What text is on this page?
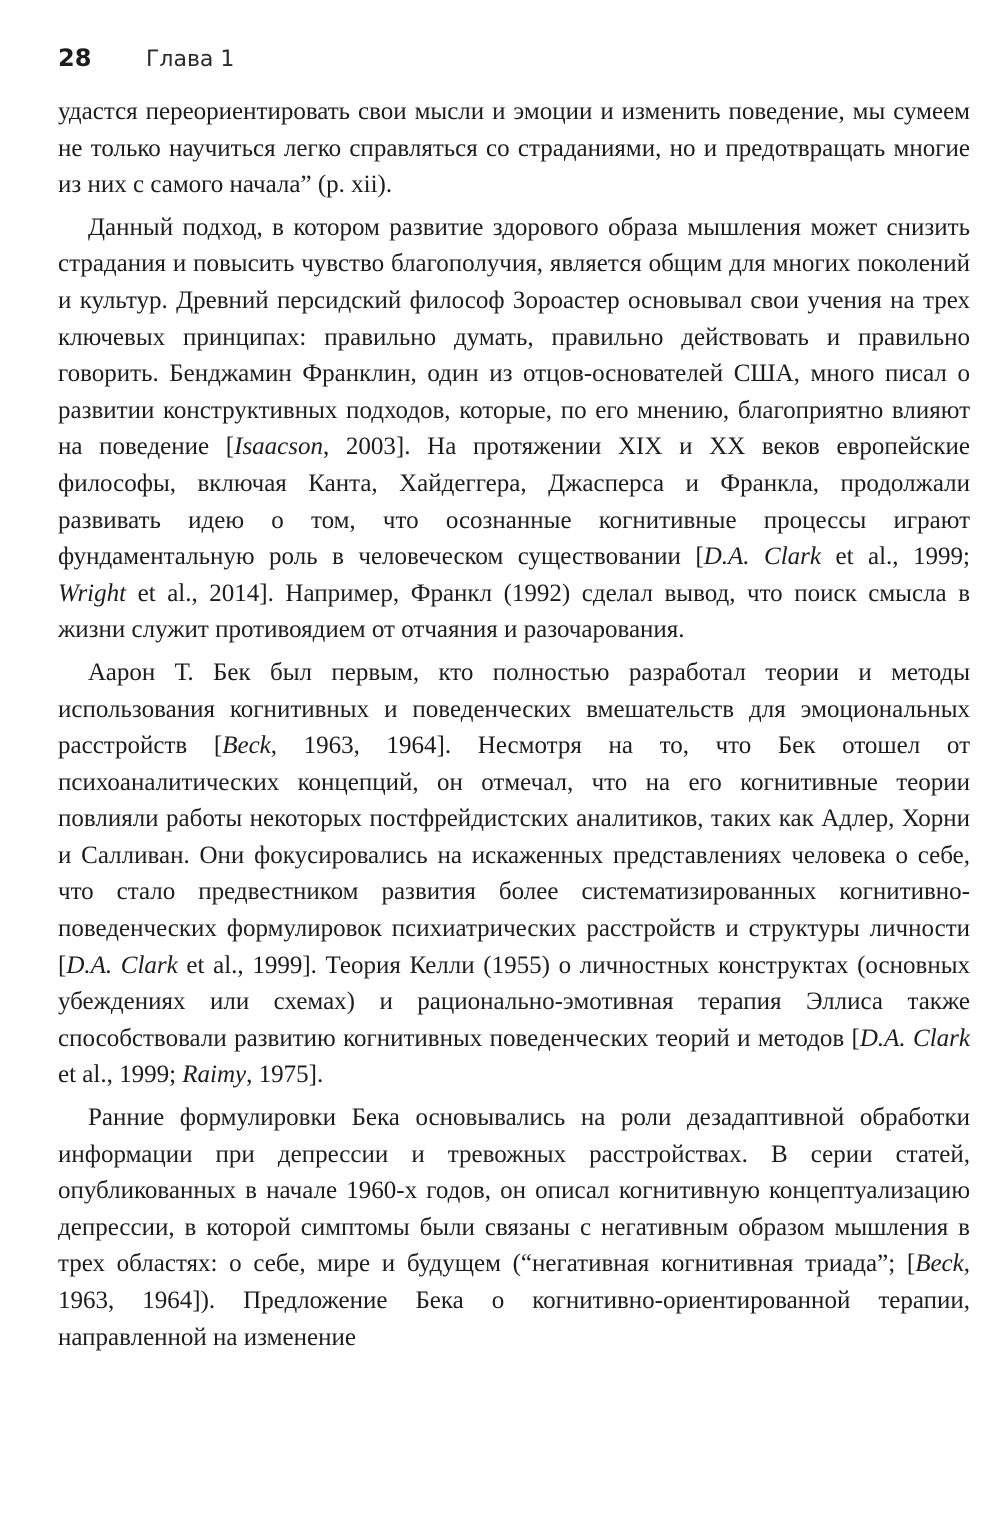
28	Глава 1

удастся переориентировать свои мысли и эмоции и изменить поведение, мы сумеем не только научиться легко справляться со страданиями, но и предотвращать многие из них с самого начала” (p. xii).

Данный подход, в котором развитие здорового образа мышления может снизить страдания и повысить чувство благополучия, является общим для многих поколений и культур. Древний персидский философ Зороастер основывал свои учения на трех ключевых принципах: правильно думать, правильно действовать и правильно говорить. Бенджамин Франклин, один из отцов-основателей США, много писал о развитии конструктивных подходов, которые, по его мнению, благоприятно влияют на поведение [Isaacson, 2003]. На протяжении XIX и XX веков европейские философы, включая Канта, Хайдеггера, Джасперса и Франкла, продолжали развивать идею о том, что осознанные когнитивные процессы играют фундаментальную роль в человеческом существовании [D.A. Clark et al., 1999; Wright et al., 2014]. Например, Франкл (1992) сделал вывод, что поиск смысла в жизни служит противоядием от отчаяния и разочарования.

Аарон Т. Бек был первым, кто полностью разработал теории и методы использования когнитивных и поведенческих вмешательств для эмоциональных расстройств [Beck, 1963, 1964]. Несмотря на то, что Бек отошел от психоаналитических концепций, он отмечал, что на его когнитивные теории повлияли работы некоторых постфрейдистских аналитиков, таких как Адлер, Хорни и Салливан. Они фокусировались на искаженных представлениях человека о себе, что стало предвестником развития более систематизированных когнитивно-поведенческих формулировок психиатрических расстройств и структуры личности [D.A. Clark et al., 1999]. Теория Келли (1955) о личностных конструктах (основных убеждениях или схемах) и рационально-эмотивная терапия Эллиса также способствовали развитию когнитивных поведенческих теорий и методов [D.A. Clark et al., 1999; Raimy, 1975].

Ранние формулировки Бека основывались на роли дезадаптивной обработки информации при депрессии и тревожных расстройствах. В серии статей, опубликованных в начале 1960-х годов, он описал когнитивную концептуализацию депрессии, в которой симптомы были связаны с негативным образом мышления в трех областях: о себе, мире и будущем (“негативная когнитивная триада”; [Beck, 1963, 1964]). Предложение Бека о когнитивно-ориентированной терапии, направленной на изменение
